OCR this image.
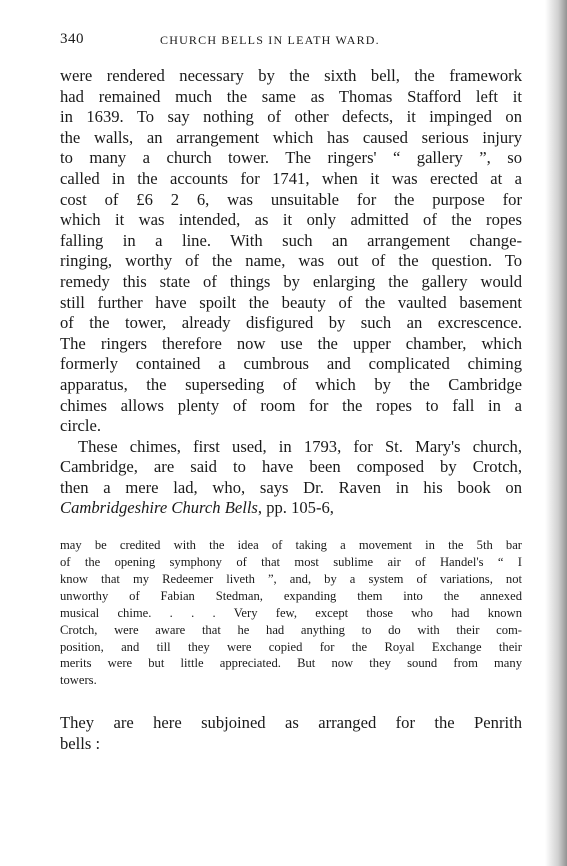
340	CHURCH BELLS IN LEATH WARD.
were rendered necessary by the sixth bell, the framework
had remained much the same as Thomas Stafford left it
in 1639. To say nothing of other defects, it impinged on
the walls, an arrangement which has caused serious injury
to many a church tower. The ringers' “ gallery ”, so
called in the accounts for 1741, when it was erected at a
cost of £6 2 6, was unsuitable for the purpose for
which it was intended, as it only admitted of the ropes
falling in a line. With such an arrangement change-
ringing, worthy of the name, was out of the question. To
remedy this state of things by enlarging the gallery would
still further have spoilt the beauty of the vaulted basement
of the tower, already disfigured by such an excrescence.
The ringers therefore now use the upper chamber, which
formerly contained a cumbrous and complicated chiming
apparatus, the superseding of which by the Cambridge
chimes allows plenty of room for the ropes to fall in a
circle.
These chimes, first used, in 1793, for St. Mary's church,
Cambridge, are said to have been composed by Crotch,
then a mere lad, who, says Dr. Raven in his book on
Cambridgeshire Church Bells, pp. 105-6,
may be credited with the idea of taking a movement in the 5th bar
of the opening symphony of that most sublime air of Handel's “ I
know that my Redeemer liveth ”, and, by a system of variations, not
unworthy of Fabian Stedman, expanding them into the annexed
musical chime. . . . Very few, except those who had known
Crotch, were aware that he had anything to do with their com-
position, and till they were copied for the Royal Exchange their
merits were but little appreciated. But now they sound from many
towers.
They are here subjoined as arranged for the Penrith
bells :
